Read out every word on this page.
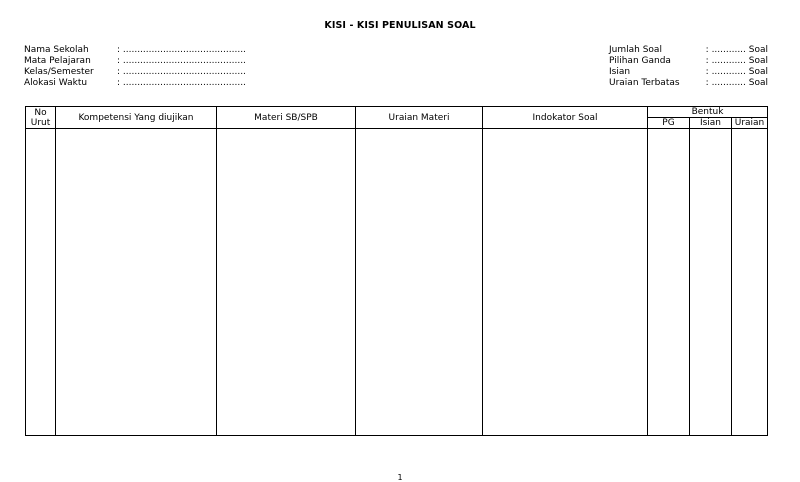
KISI - KISI PENULISAN SOAL
Nama Sekolah	: ...........................................
Mata Pelajaran	: ...........................................
Kelas/Semester	: ...........................................
Alokasi Waktu	: ...........................................
Jumlah Soal	: ............ Soal
Pilihan Ganda	: ............ Soal
Isian	: ............ Soal
Uraian Terbatas	: ............ Soal
No Urut	Kompetensi Yang diujikan	Materi SB/SPB	Uraian Materi	Indokator Soal	Bentuk		
					PG	Isian	Uraian

1
